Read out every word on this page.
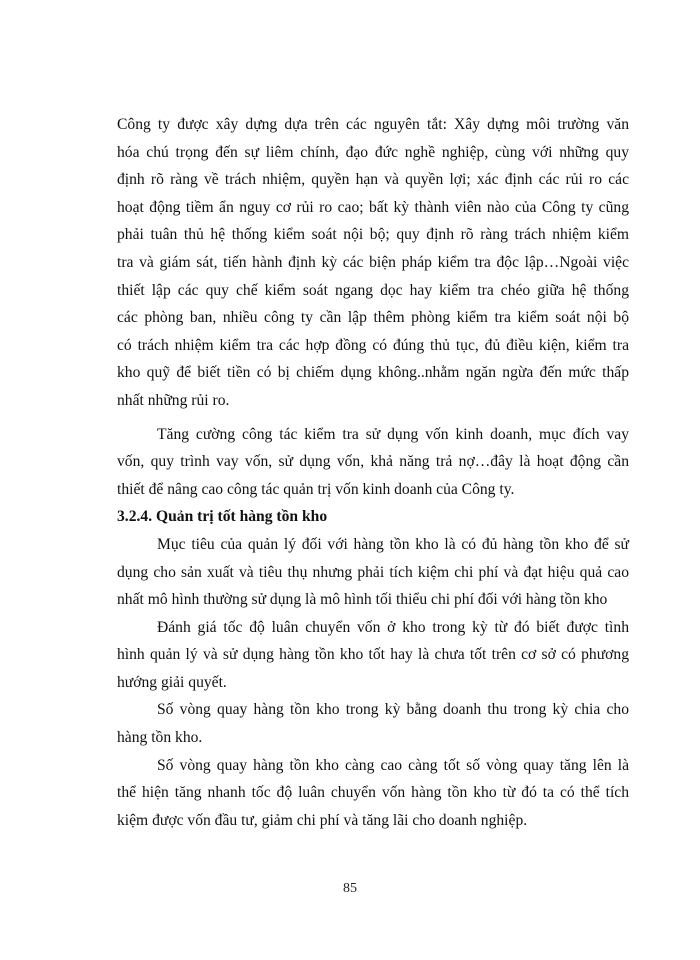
Công ty được xây dựng dựa trên các nguyên tắt: Xây dựng môi trường văn
hóa chú trọng đến sự liêm chính, đạo đức nghề nghiệp, cùng với những quy
định rõ ràng về trách nhiệm, quyền hạn và quyền lợi; xác định các rủi ro các
hoạt động tiềm ẩn nguy cơ rủi ro cao; bất kỳ thành viên nào của Công ty cũng
phải tuân thủ hệ thống kiểm soát nội bộ; quy định rõ ràng trách nhiệm kiểm
tra và giám sát, tiến hành định kỳ các biện pháp kiểm tra độc lập…Ngoài việc
thiết lập các quy chế kiểm soát ngang dọc hay kiểm tra chéo giữa hệ thống
các phòng ban, nhiều công ty cần lập thêm phòng kiểm tra kiểm soát nội bộ
có trách nhiệm kiểm tra các hợp đồng có đúng thủ tục, đủ điều kiện, kiểm tra
kho quỹ để biết tiền có bị chiếm dụng không..nhằm ngăn ngừa đến mức thấp
nhất những rủi ro.
Tăng cường công tác kiểm tra sử dụng vốn kinh doanh, mục đích vay
vốn, quy trình vay vốn, sử dụng vốn, khả năng trả nợ…đây là hoạt động cần
thiết để nâng cao công tác quản trị vốn kinh doanh của Công ty.
3.2.4. Quản trị tốt hàng tồn kho
Mục tiêu của quản lý đối với hàng tồn kho là có đủ hàng tồn kho để sử
dụng cho sản xuất và tiêu thụ nhưng phải tích kiệm chi phí và đạt hiệu quả cao
nhất mô hình thường sử dụng là mô hình tối thiểu chi phí đối với hàng tồn kho
Đánh giá tốc độ luân chuyển vốn ở kho trong kỳ từ đó biết được tình
hình quản lý và sử dụng hàng tồn kho tốt hay là chưa tốt trên cơ sở có phương
hướng giải quyết.
Số vòng quay hàng tồn kho trong kỳ bằng doanh thu trong kỳ chia cho
hàng tồn kho.
Số vòng quay hàng tồn kho càng cao càng tốt số vòng quay tăng lên là
thể hiện tăng nhanh tốc độ luân chuyển vốn hàng tồn kho từ đó ta có thể tích
kiệm được vốn đầu tư, giảm chi phí và tăng lãi cho doanh nghiệp.
85
